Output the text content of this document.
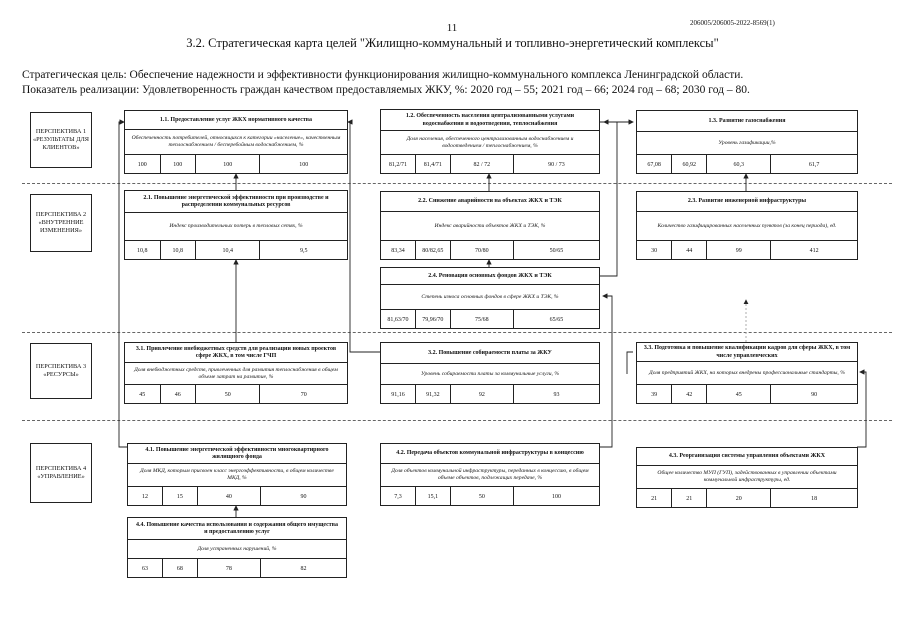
11	206005/206005-2022-8569(1)
3.2. Стратегическая карта целей "Жилищно-коммунальный и топливно-энергетический комплексы"
Стратегическая цель: Обеспечение надежности и эффективности функционирования жилищно-коммунального комплекса Ленинградской области.
Показатель реализации: Удовлетворенность граждан качеством предоставляемых ЖКУ, %: 2020 год – 55; 2021 год – 66; 2024 год – 68; 2030 год – 80.
ПЕРСПЕКТИВА 1 «РЕЗУЛЬТАТЫ ДЛЯ КЛИЕНТОВ»
ПЕРСПЕКТИВА 2 «ВНУТРЕННИЕ ИЗМЕНЕНИЯ»
ПЕРСПЕКТИВА 3 «РЕСУРСЫ»
ПЕРСПЕКТИВА 4 «УПРАВЛЕНИЕ»
1.1. Предоставление услуг ЖКХ нормативного качества
Обеспеченность потребителей, относящихся к категории «население», качественным теплоснабжением / бесперебойным водоснабжением, %
100	100	100	100
1.2. Обеспеченность населения централизованными услугами водоснабжения и водоотведения, теплоснабжения
Доля населения, обеспеченного централизованным водоснабжением и водоотведением / теплоснабжением, %
81,2/71	81,4/71	82 / 72	90 / 73
1.3. Развитие газоснабжения
Уровень газификации,%
67,08	60,92	60,3	61,7
2.1. Повышение энергетической эффективности при производстве и распределении коммунальных ресурсов
Индекс производительных потерь в тепловых сетях, %
10,8	10,8	10,4	9,5
2.2. Снижение аварийности на объектах ЖКХ и ТЭК
Индекс аварийности объектов ЖКХ и ТЭК, %
83,34	80/82,65	70/80	50/65
2.3. Развитие инженерной инфраструктуры
Количество газифицированных населенных пунктов (за конец периода), ед.
30	44	99	412
2.4. Реновация основных фондов ЖКХ и ТЭК
Степень износа основных фондов в сфере ЖКХ и ТЭК, %
81,63/70	79,96/70	75/68	65/65
3.1. Привлечение внебюджетных средств для реализации новых проектов сфере ЖКХ, в том числе ГЧП
Доля внебюджетных средств, привлеченных для развития теплоснабжения в общем объеме затрат на развитие, %
45	46	50	70
3.2. Повышение собираемости платы за ЖКУ
Уровень собираемости платы за коммунальные услуги, %
91,16	91,32	92	93
3.3. Подготовка и повышение квалификации кадров для сферы ЖКХ, в том числе управленческих
Доля предприятий ЖКХ, на которых внедрены профессиональные стандарты, %
39	42	45	90
4.1. Повышение энергетической эффективности многоквартирного жилищного фонда
Доля МКД, которым присвоен класс энергоэффективности, в общем количестве МКД, %
12	15	40	90
4.2. Передача объектов коммунальной инфраструктуры в концессию
Доля объектов коммунальной инфраструктуры, переданных в концессию, в общем объеме объектов, подлежащих передаче, %
7,3	15,1	50	100
4.3. Реорганизация системы управления объектами ЖКХ
Общее количество МУП (ГУП), задействованных в управлении объектами коммунальной инфраструктуры, ед.
21	21	20	18
4.4. Повышение качества использования и содержания общего имущества и предоставлению услуг
Доля устраненных нарушений, %
63	68	78	82
